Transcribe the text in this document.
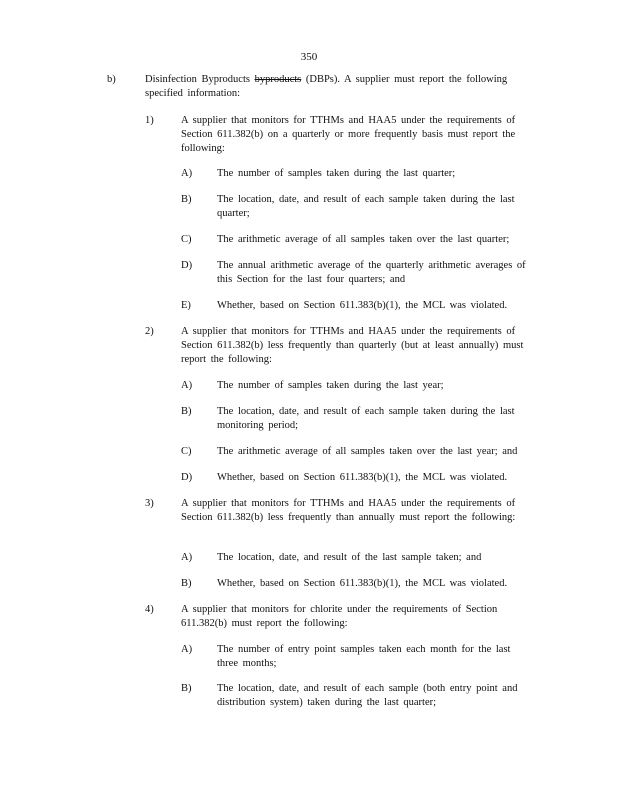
350
b)	Disinfection Byproducts byproducts (DBPs). A supplier must report the following specified information:
1)	A supplier that monitors for TTHMs and HAA5 under the requirements of Section 611.382(b) on a quarterly or more frequently basis must report the following:
A) The number of samples taken during the last quarter;
B) The location, date, and result of each sample taken during the last quarter;
C) The arithmetic average of all samples taken over the last quarter;
D) The annual arithmetic average of the quarterly arithmetic averages of this Section for the last four quarters; and
E) Whether, based on Section 611.383(b)(1), the MCL was violated.
2)	A supplier that monitors for TTHMs and HAA5 under the requirements of Section 611.382(b) less frequently than quarterly (but at least annually) must report the following:
A) The number of samples taken during the last year;
B) The location, date, and result of each sample taken during the last monitoring period;
C) The arithmetic average of all samples taken over the last year; and
D) Whether, based on Section 611.383(b)(1), the MCL was violated.
3)	A supplier that monitors for TTHMs and HAA5 under the requirements of Section 611.382(b) less frequently than annually must report the following:
A) The location, date, and result of the last sample taken; and
B) Whether, based on Section 611.383(b)(1), the MCL was violated.
4)	A supplier that monitors for chlorite under the requirements of Section 611.382(b) must report the following:
A) The number of entry point samples taken each month for the last three months;
B) The location, date, and result of each sample (both entry point and distribution system) taken during the last quarter;
